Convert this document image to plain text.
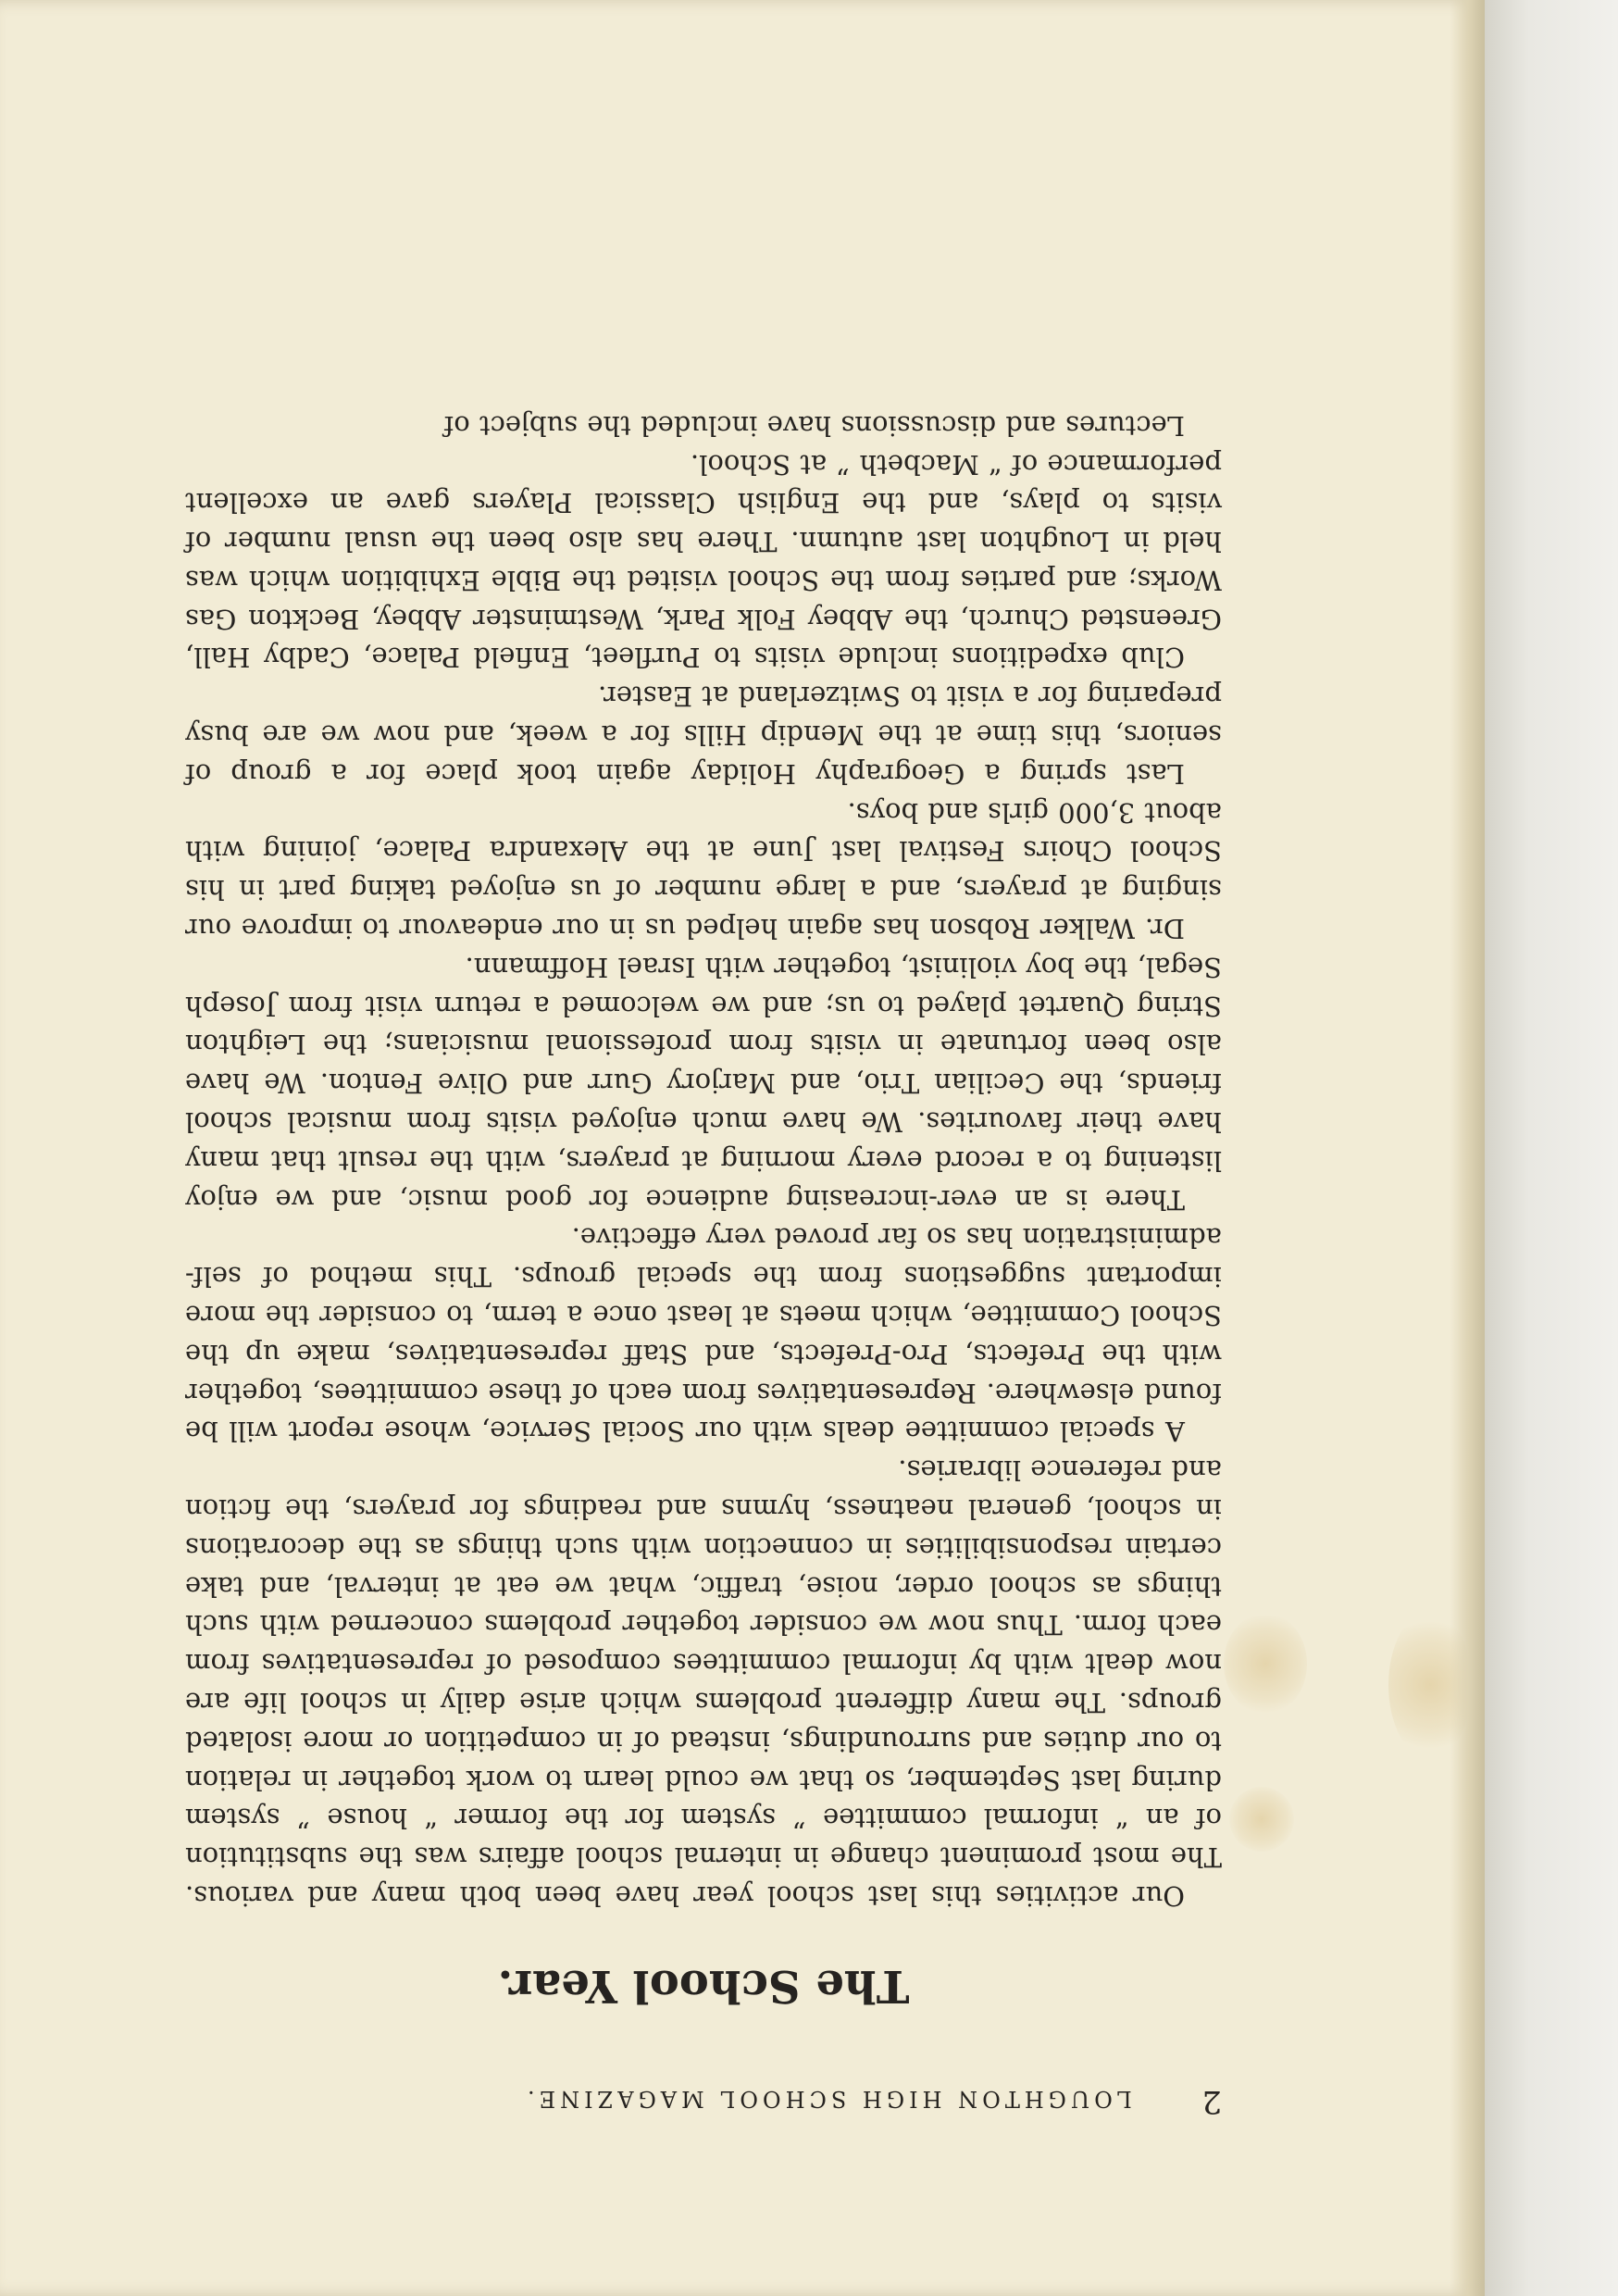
2
LOUGHTON HIGH SCHOOL MAGAZINE.
The School Year.

Our activities this last school year have been both many and various. The most prominent change in internal school affairs was the substitution of an “ informal committee ” system for the former “ house ” system during last September, so that we could learn to work together in relation to our duties and surroundings, instead of in competition or more isolated groups. The many different problems which arise daily in school life are now dealt with by informal committees composed of representatives from each form. Thus now we consider together problems concerned with such things as school order, noise, traffic, what we eat at interval, and take certain responsibilities in connection with such things as the decorations in school, general neatness, hymns and readings for prayers, the fiction and reference libraries.

A special committee deals with our Social Service, whose report will be found elsewhere. Representatives from each of these committees, together with the Prefects, Pro-Prefects, and Staff representatives, make up the School Committee, which meets at least once a term, to consider the more important suggestions from the special groups. This method of self-administration has so far proved very effective.

There is an ever-increasing audience for good music, and we enjoy listening to a record every morning at prayers, with the result that many have their favourites. We have much enjoyed visits from musical school friends, the Cecilian Trio, and Marjory Gurr and Olive Fenton. We have also been fortunate in visits from professional musicians; the Leighton String Quartet played to us; and we welcomed a return visit from Joseph Segal, the boy violinist, together with Israel Hoffmann.

Dr. Walker Robson has again helped us in our endeavour to improve our singing at prayers, and a large number of us enjoyed taking part in his School Choirs Festival last June at the Alexandra Palace, joining with about 3,000 girls and boys.

Last spring a Geography Holiday again took place for a group of seniors, this time at the Mendip Hills for a week, and now we are busy preparing for a visit to Switzerland at Easter.

Club expeditions include visits to Purfleet, Enfield Palace, Cadby Hall, Greensted Church, the Abbey Folk Park, Westminster Abbey, Beckton Gas Works; and parties from the School visited the Bible Exhibition which was held in Loughton last autumn. There has also been the usual number of visits to plays, and the English Classical Players gave an excellent performance of “ Macbeth ” at School.

Lectures and discussions have included the subject of
